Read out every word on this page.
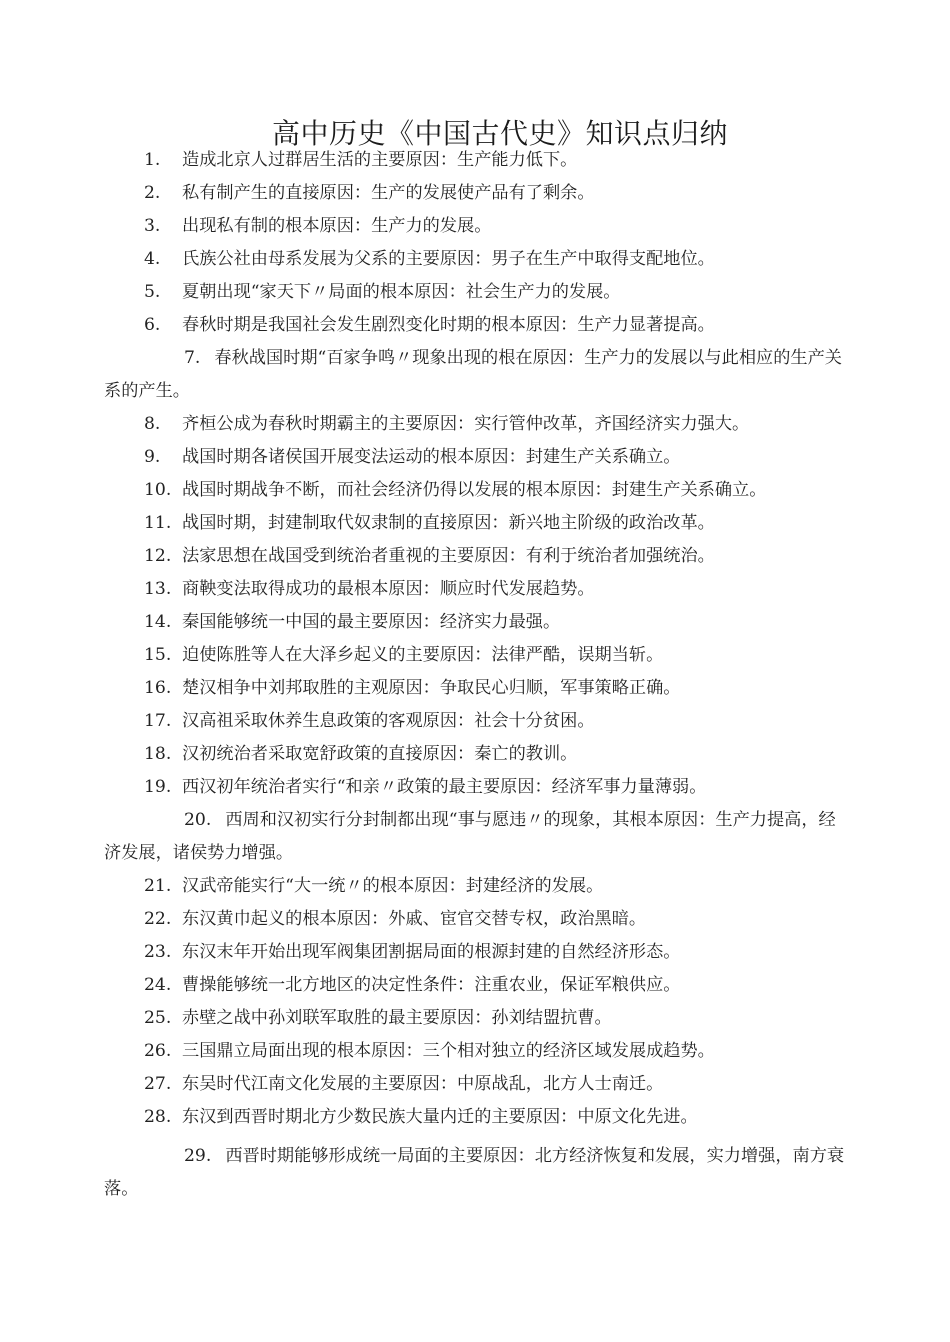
高中历史《中国古代史》知识点归纳
1. 造成北京人过群居生活的主要原因：生产能力低下。
2. 私有制产生的直接原因：生产的发展使产品有了剩余。
3. 出现私有制的根本原因：生产力的发展。
4. 氏族公社由母系发展为父系的主要原因：男子在生产中取得支配地位。
5. 夏朝出现“家天下〃局面的根本原因：社会生产力的发展。
6. 春秋时期是我国社会发生剧烈变化时期的根本原因：生产力显著提高。
7. 春秋战国时期“百家争鸣〃现象出现的根在原因：生产力的发展以与此相应的生产关系的产生。
8. 齐桓公成为春秋时期霸主的主要原因：实行管仲改革，齐国经济实力强大。
9. 战国时期各诸侯国开展变法运动的根本原因：封建生产关系确立。
10. 战国时期战争不断，而社会经济仍得以发展的根本原因：封建生产关系确立。
11. 战国时期，封建制取代奴隶制的直接原因：新兴地主阶级的政治改革。
12. 法家思想在战国受到统治者重视的主要原因：有利于统治者加强统治。
13. 商鞅变法取得成功的最根本原因：顺应时代发展趋势。
14. 秦国能够统一中国的最主要原因：经济实力最强。
15. 迫使陈胜等人在大泽乡起义的主要原因：法律严酷，误期当斩。
16. 楚汉相争中刘邦取胜的主观原因：争取民心归顺，军事策略正确。
17. 汉高祖采取休养生息政策的客观原因：社会十分贫困。
18. 汉初统治者采取宽舒政策的直接原因：秦亡的教训。
19. 西汉初年统治者实行“和亲〃政策的最主要原因：经济军事力量薄弱。
20. 西周和汉初实行分封制都出现“事与愿违〃的现象，其根本原因：生产力提高，经济发展，诸侯势力增强。
21. 汉武帝能实行“大一统〃的根本原因：封建经济的发展。
22. 东汉黄巾起义的根本原因：外戚、宦官交替专权，政治黑暗。
23. 东汉末年开始出现军阀集团割据局面的根源封建的自然经济形态。
24. 曹操能够统一北方地区的决定性条件：注重农业，保证军粮供应。
25. 赤壁之战中孙刘联军取胜的最主要原因：孙刘结盟抗曹。
26. 三国鼎立局面出现的根本原因：三个相对独立的经济区域发展成趋势。
27. 东吴时代江南文化发展的主要原因：中原战乱，北方人士南迁。
28. 东汉到西晋时期北方少数民族大量内迁的主要原因：中原文化先进。
29. 西晋时期能够形成统一局面的主要原因：北方经济恢复和发展，实力增强，南方衰落。
